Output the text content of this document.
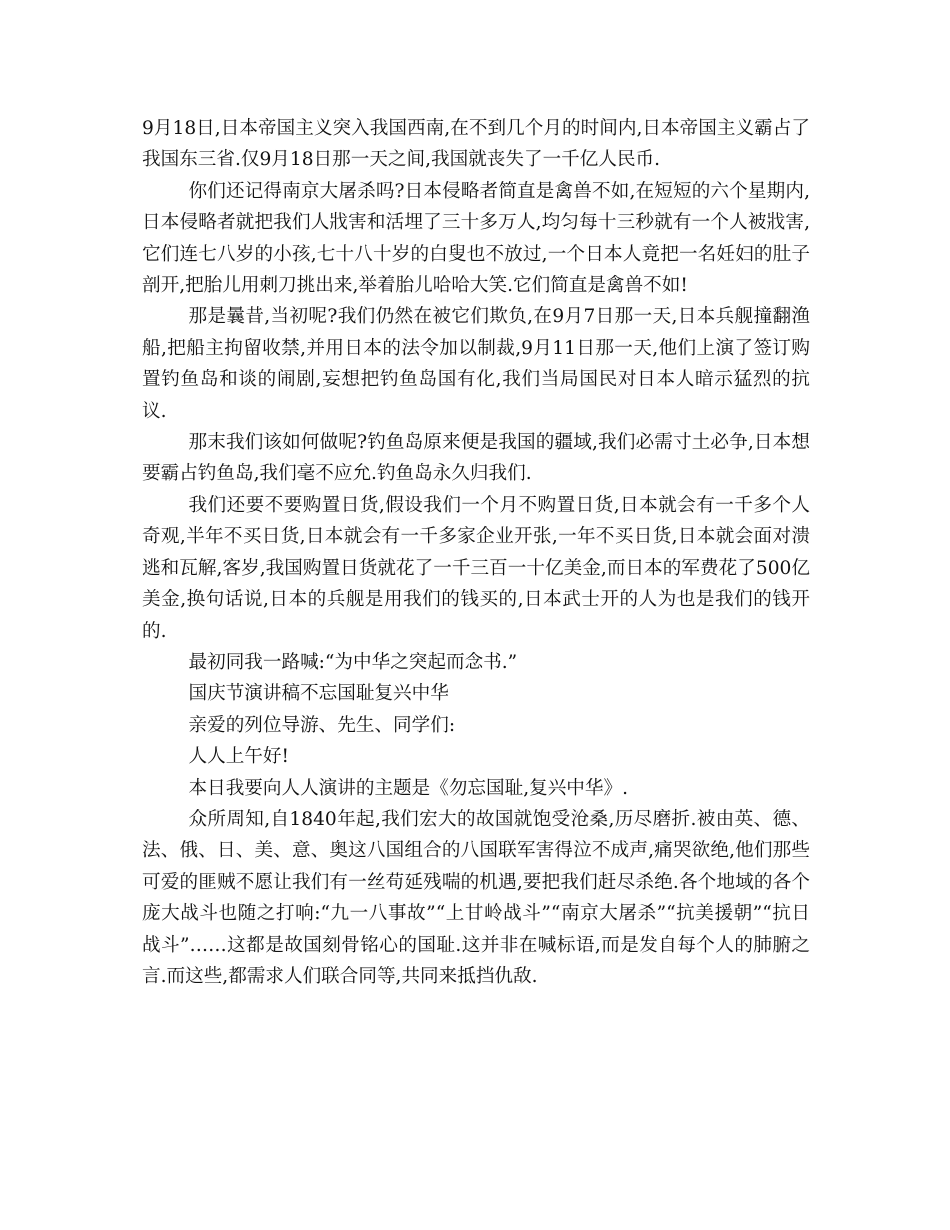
9月18日,日本帝国主义突入我国西南,在不到几个月的时间内,日本帝国主义霸占了我国东三省.仅9月18日那一天之间,我国就丧失了一千亿人民币.

你们还记得南京大屠杀吗?日本侵略者简直是禽兽不如,在短短的六个星期内,日本侵略者就把我们人戕害和活埋了三十多万人,均匀每十三秒就有一个人被戕害,它们连七八岁的小孩,七十八十岁的白叟也不放过,一个日本人竟把一名妊妇的肚子剖开,把胎儿用刺刀挑出来,举着胎儿哈哈大笑.它们简直是禽兽不如!

那是曩昔,当初呢?我们仍然在被它们欺负,在9月7日那一天,日本兵舰撞翻渔船,把船主拘留收禁,并用日本的法令加以制裁,9月11日那一天,他们上演了签订购置钓鱼岛和谈的闹剧,妄想把钓鱼岛国有化,我们当局国民对日本人暗示猛烈的抗议.

那末我们该如何做呢?钓鱼岛原来便是我国的疆域,我们必需寸土必争,日本想要霸占钓鱼岛,我们毫不应允.钓鱼岛永久归我们.

我们还要不要购置日货,假设我们一个月不购置日货,日本就会有一千多个人奇观,半年不买日货,日本就会有一千多家企业开张,一年不买日货,日本就会面对溃逃和瓦解,客岁,我国购置日货就花了一千三百一十亿美金,而日本的军费花了500亿美金,换句话说,日本的兵舰是用我们的钱买的,日本武士开的人为也是我们的钱开的.

最初同我一路喊:“为中华之突起而念书.”

国庆节演讲稿不忘国耻复兴中华

亲爱的列位导游、先生、同学们:

人人上午好!

本日我要向人人演讲的主题是《勿忘国耻,复兴中华》.

众所周知,自1840年起,我们宏大的故国就饱受沧桑,历尽磨折.被由英、德、法、俄、日、美、意、奥这八国组合的八国联军害得泣不成声,痛哭欲绝,他们那些可爱的匪贼不愿让我们有一丝苟延残喘的机遇,要把我们赶尽杀绝.各个地域的各个庞大战斗也随之打响:“九一八事故”“上甘岭战斗”“南京大屠杀”“抗美援朝”“抗日战斗”……这都是故国刻骨铭心的国耻.这并非在喊标语,而是发自每个人的肺腑之言.而这些,都需求人们联合同等,共同来抵挡仇敌.
